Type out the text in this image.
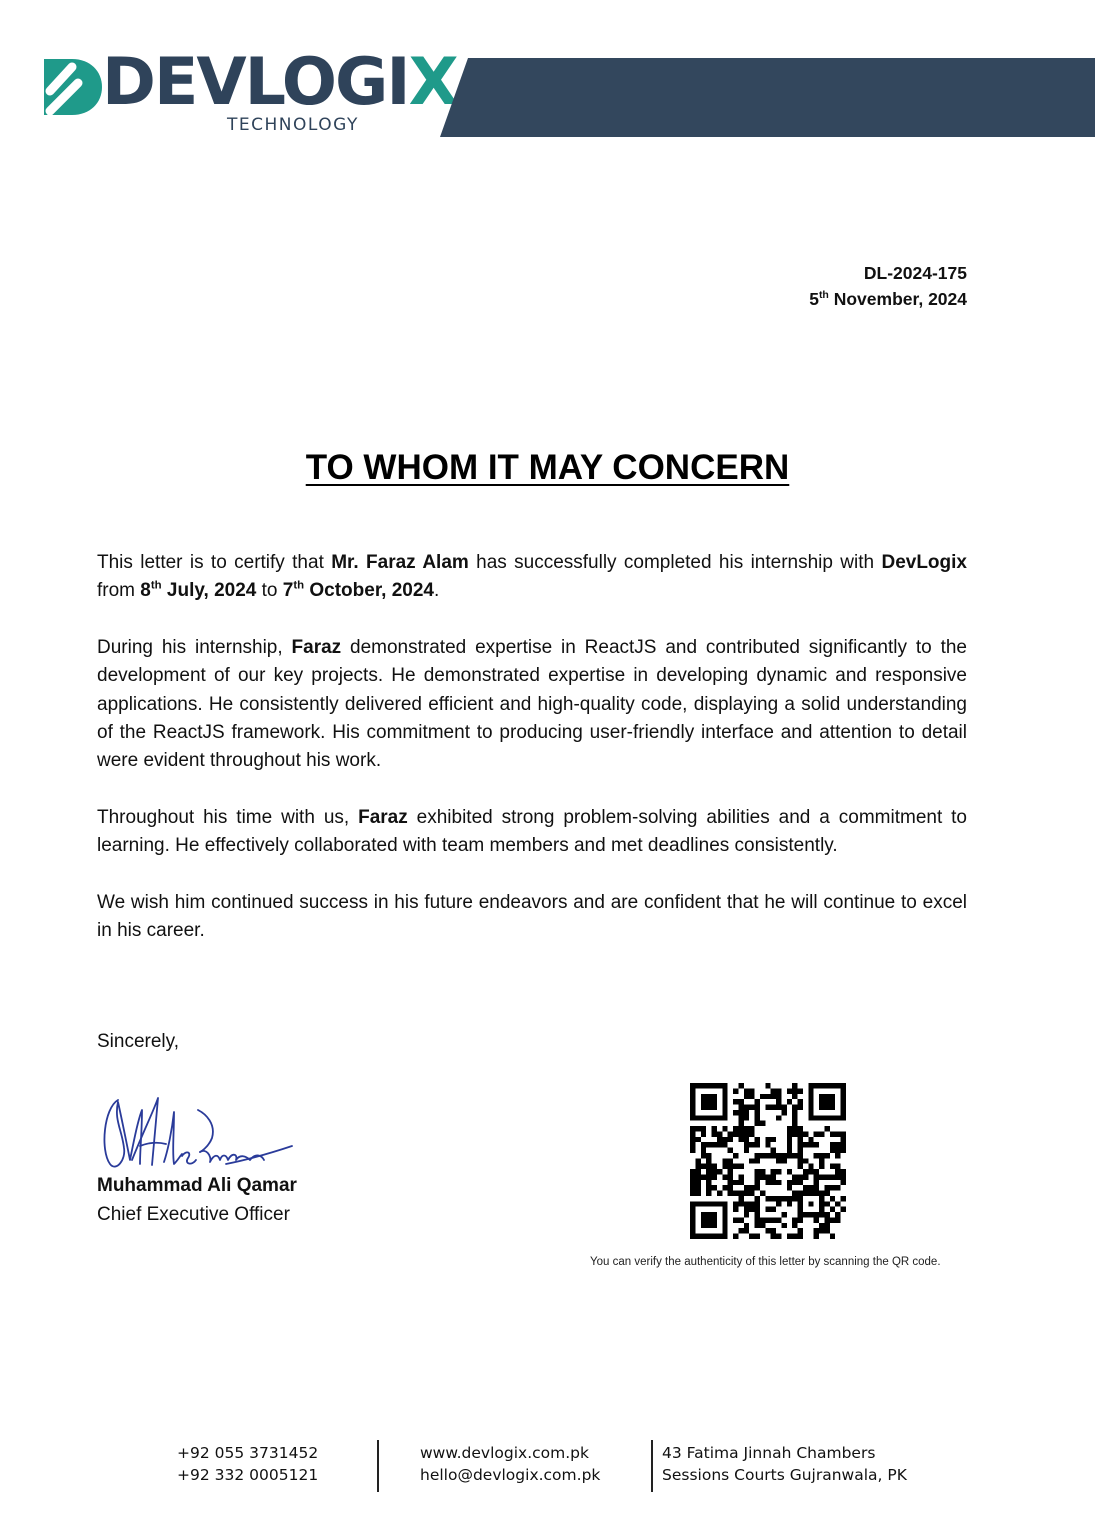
DEVLOGIX
TECHNOLOGY
DL-2024-175
5th November, 2024
TO WHOM IT MAY CONCERN

This letter is to certify that Mr. Faraz Alam has successfully completed his internship with DevLogix from 8th July, 2024 to 7th October, 2024.

During his internship, Faraz demonstrated expertise in ReactJS and contributed significantly to the development of our key projects. He demonstrated expertise in developing dynamic and responsive applications. He consistently delivered efficient and high-quality code, displaying a solid understanding of the ReactJS framework. His commitment to producing user-friendly interface and attention to detail were evident throughout his work.

Throughout his time with us, Faraz exhibited strong problem-solving abilities and a commitment to learning. He effectively collaborated with team members and met deadlines consistently.

We wish him continued success in his future endeavors and are confident that he will continue to excel in his career.

Sincerely,
Muhammad Ali Qamar
Chief Executive Officer
You can verify the authenticity of this letter by scanning the QR code.
+92 055 3731452
+92 332 0005121
www.devlogix.com.pk
hello@devlogix.com.pk
43 Fatima Jinnah Chambers
Sessions Courts Gujranwala, PK
